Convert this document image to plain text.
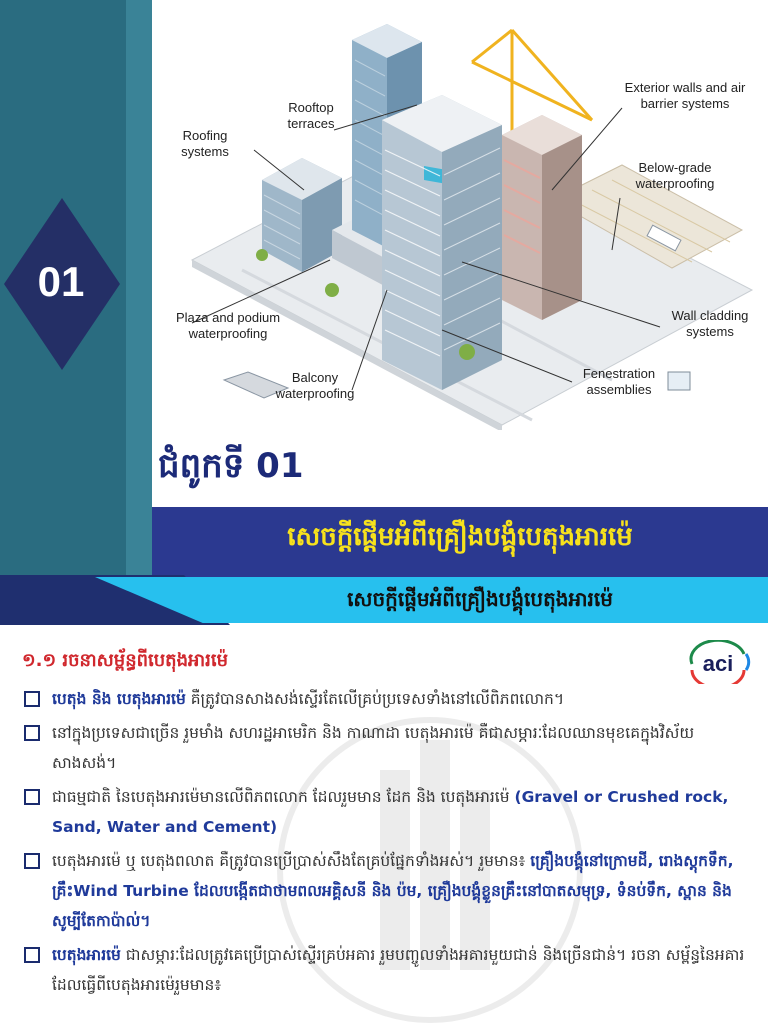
01
Roofing systems
Rooftop terraces
Exterior walls and air barrier systems
Below-grade waterproofing
Plaza and podium waterproofing
Balcony waterproofing
Wall cladding systems
Fenestration assemblies
ជំពូកទី 01
សេចក្ដីផ្ដើមអំពីគ្រឿងបង្គុំបេតុងអារម៉េ
សេចក្ដីផ្ដើមអំពីគ្រឿងបង្គុំបេតុងអារម៉េ
១.១ រចនាសម្ព័ន្ធពីបេតុងអារម៉េ	aci
បេតុង និង បេតុងអារម៉េ គឺត្រូវបានសាងសង់ស្ទើរតែលើគ្រប់ប្រទេសទាំងនៅលើពិភពលោក។
នៅក្នុងប្រទេសជាច្រើន រួមមាំង សហរដ្ឋអាមេរិក និង កាណាដា បេតុងអារម៉េ គឺជាសម្ភារៈដែលឈានមុខគេក្នុងវិស័យ សាងសង់។
ជាធម្មជាតិ នៃបេតុងអារម៉េមានលើពិភពលោក ដែលរួមមាន ដែក និង បេតុងអារម៉េ (Gravel or Crushed rock, Sand, Water and Cement)
បេតុងអារម៉េ ឬ បេតុងពលាត គឺត្រូវបានប្រើប្រាស់សឹងតែគ្រប់ផ្នែកទាំងអស់។ រួមមាន៖ គ្រឿងបង្គុំនៅក្រោមដី, រោងស្តុកទឹក, គ្រឹះWind Turbine ដែលបង្កើតជាថាមពលអគ្គិសនី និង ប៉ម, គ្រឿងបង្គុំខ្លួនគ្រឹះនៅបាតសមុទ្រ, ទំនប់ទឹក, ស្ពាន និង សូម្បីតែកាប៉ាល់។
បេតុងអារម៉េ ជាសម្ភារៈដែលត្រូវគេប្រើប្រាស់ស្ទើរគ្រប់អគារ រួមបញ្ចូលទាំងអគារមួយជាន់ និងច្រើនជាន់។ រចនា សម្ព័ន្ធនៃអគារដែលធ្វើពីបេតុងអារម៉េរួមមាន៖
